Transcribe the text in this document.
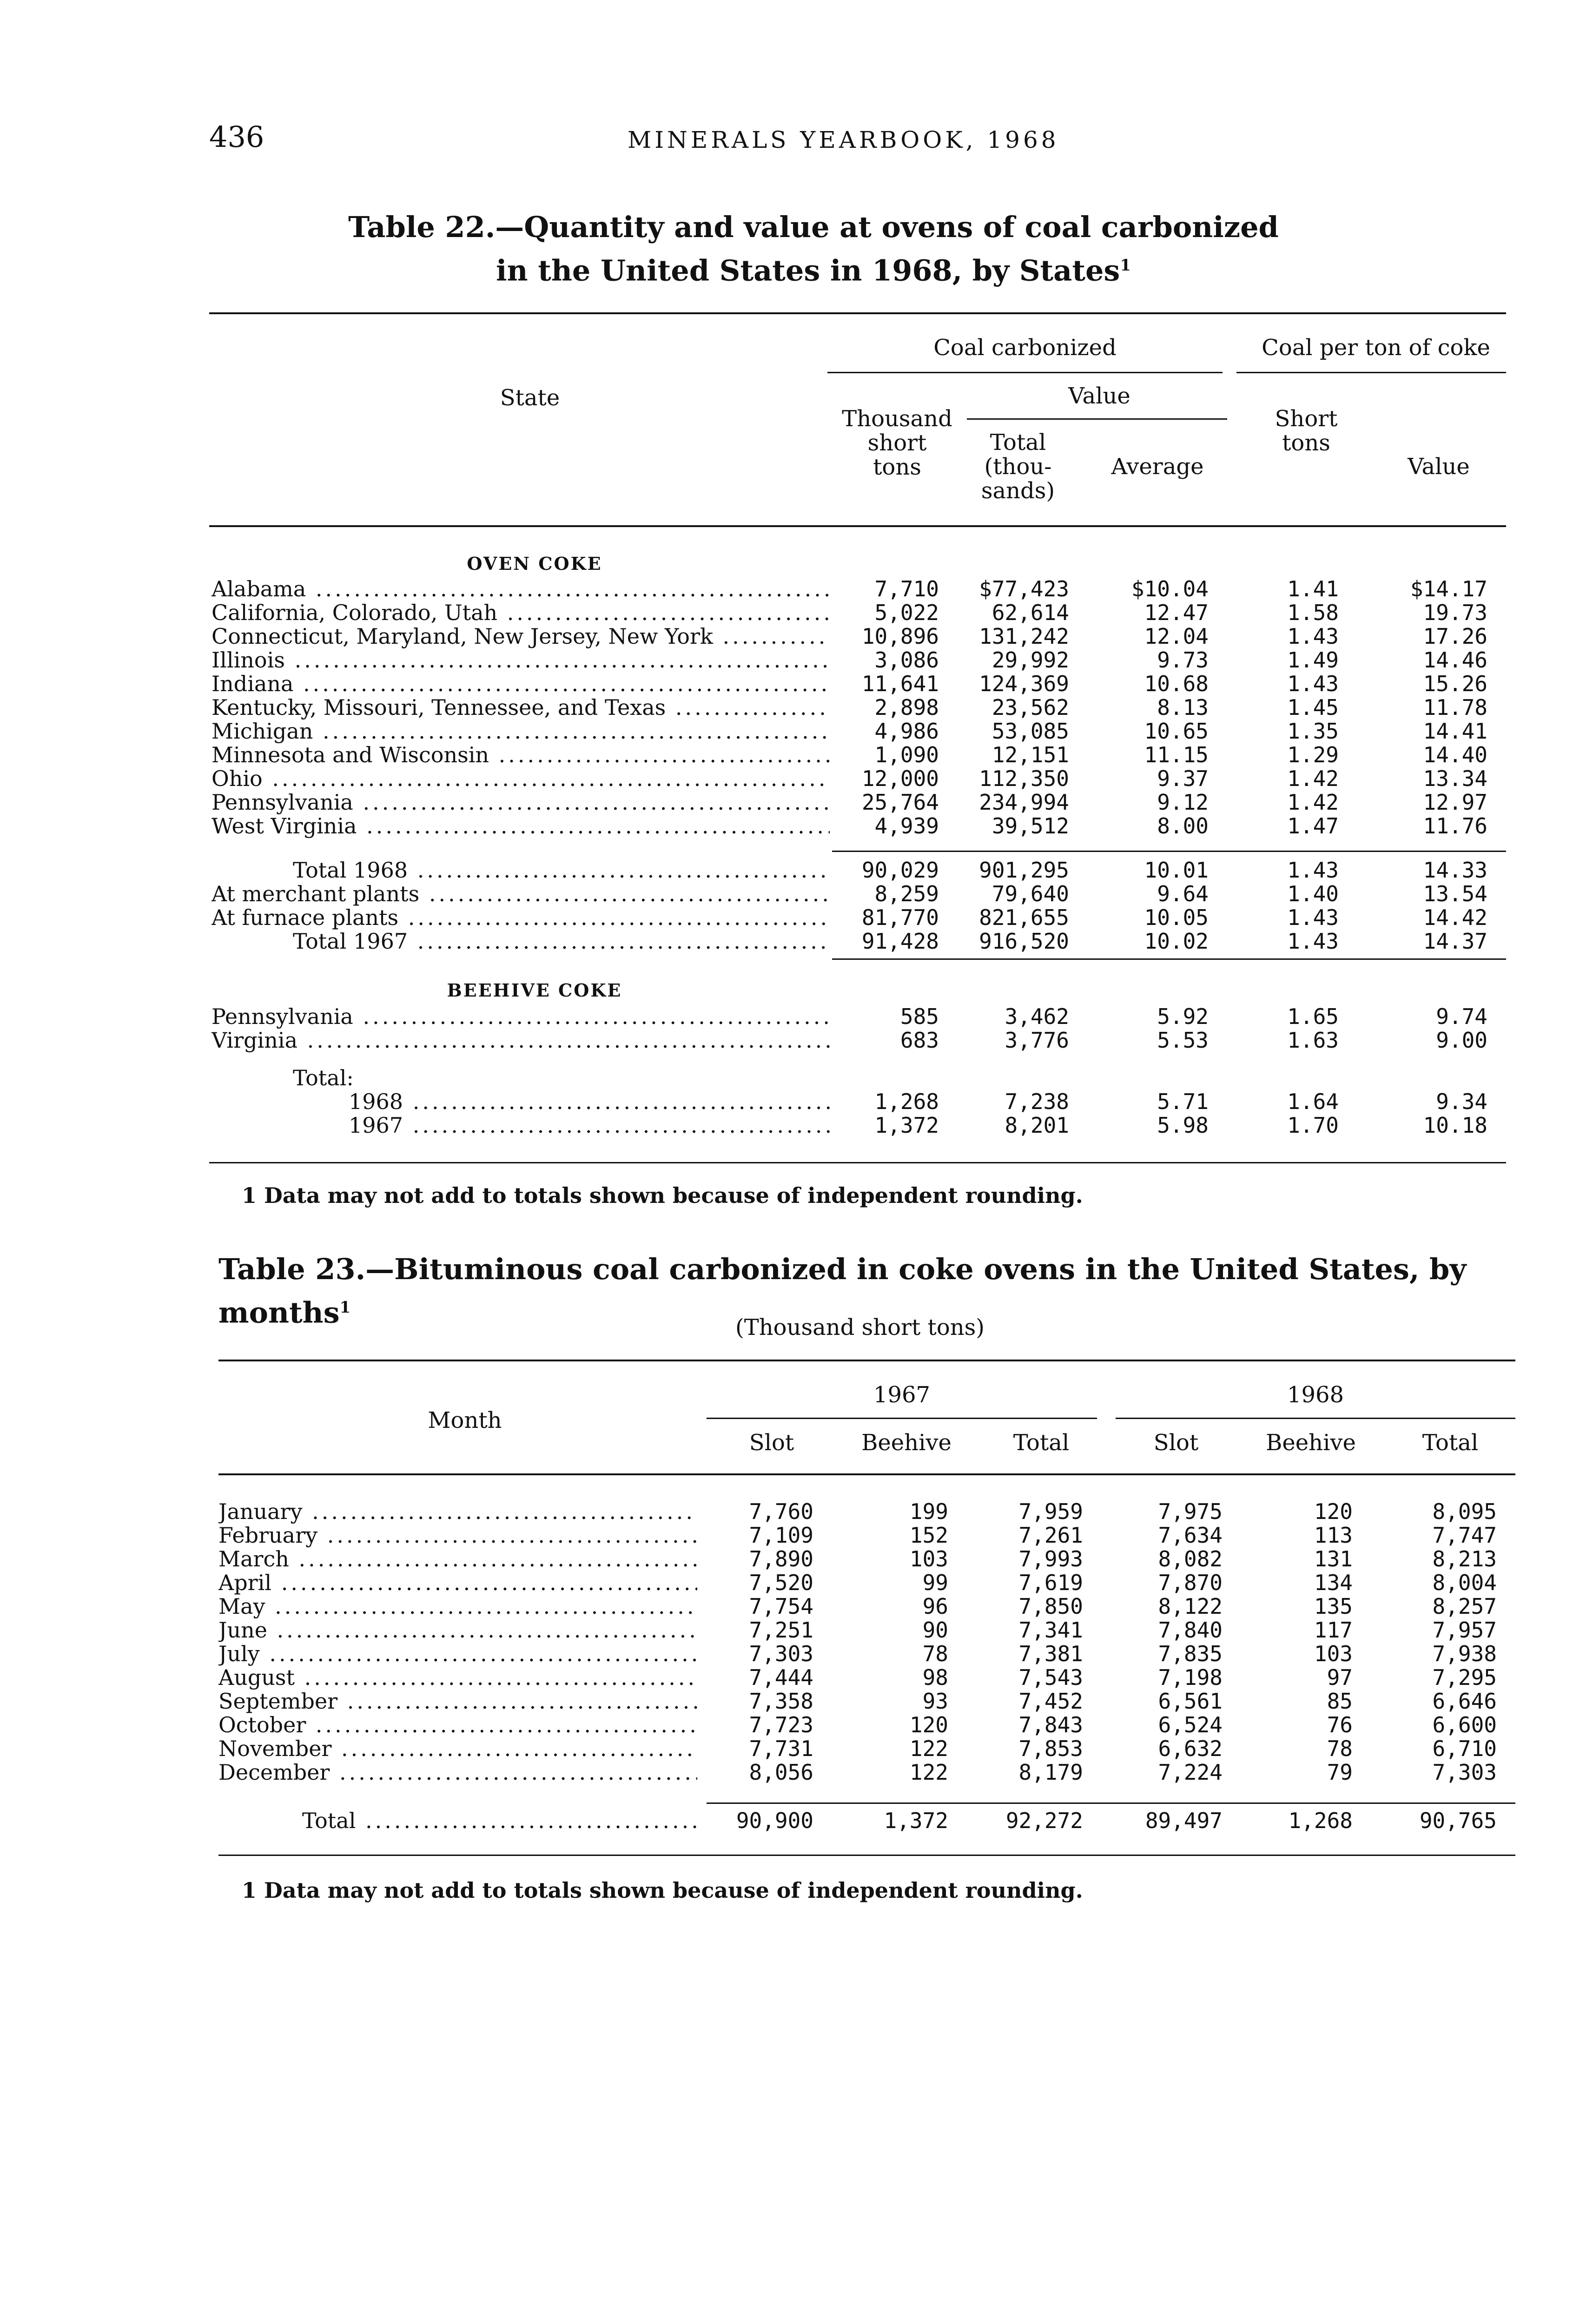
436	MINERALS YEARBOOK, 1968
Table 22.—Quantity and value at ovens of coal carbonized
in the United States in 1968, by States$^1$
State
Coal carbonized	Coal per ton of coke
Thousand
short
tons
Value
Total
(thou-
sands)
Average
Short
tons
Value
OVEN COKE
Alabama .....	7,710	$77,423	$10.04	1.41	$14.17
California, Colorado, Utah .....	5,022	62,614	12.47	1.58	19.73
Connecticut, Maryland, New Jersey, New York .....	10,896	131,242	12.04	1.43	17.26
Illinois .....	3,086	29,992	9.73	1.49	14.46
Indiana .....	11,641	124,369	10.68	1.43	15.26
Kentucky, Missouri, Tennessee, and Texas .....	2,898	23,562	8.13	1.45	11.78
Michigan .....	4,986	53,085	10.65	1.35	14.41
Minnesota and Wisconsin .....	1,090	12,151	11.15	1.29	14.40
Ohio .....	12,000	112,350	9.37	1.42	13.34
Pennsylvania .....	25,764	234,994	9.12	1.42	12.97
West Virginia .....	4,939	39,512	8.00	1.47	11.76
Total 1968 .....	90,029	901,295	10.01	1.43	14.33
At merchant plants .....	8,259	79,640	9.64	1.40	13.54
At furnace plants .....	81,770	821,655	10.05	1.43	14.42
Total 1967 .....	91,428	916,520	10.02	1.43	14.37
BEEHIVE COKE
Pennsylvania .....	585	3,462	5.92	1.65	9.74
Virginia .....	683	3,776	5.53	1.63	9.00
Total:
1968 .....	1,268	7,238	5.71	1.64	9.34
1967 .....	1,372	8,201	5.98	1.70	10.18
1 Data may not add to totals shown because of independent rounding.
Table 23.—Bituminous coal carbonized in coke ovens in the United States, by months$^1$
(Thousand short tons)
Month
1967	1968
Slot	Beehive	Total	Slot	Beehive	Total
January .....	7,760	199	7,959	7,975	120	8,095
February .....	7,109	152	7,261	7,634	113	7,747
March .....	7,890	103	7,993	8,082	131	8,213
April .....	7,520	99	7,619	7,870	134	8,004
May .....	7,754	96	7,850	8,122	135	8,257
June .....	7,251	90	7,341	7,840	117	7,957
July .....	7,303	78	7,381	7,835	103	7,938
August .....	7,444	98	7,543	7,198	97	7,295
September .....	7,358	93	7,452	6,561	85	6,646
October .....	7,723	120	7,843	6,524	76	6,600
November .....	7,731	122	7,853	6,632	78	6,710
December .....	8,056	122	8,179	7,224	79	7,303
Total .....	90,900	1,372	92,272	89,497	1,268	90,765
1 Data may not add to totals shown because of independent rounding.
